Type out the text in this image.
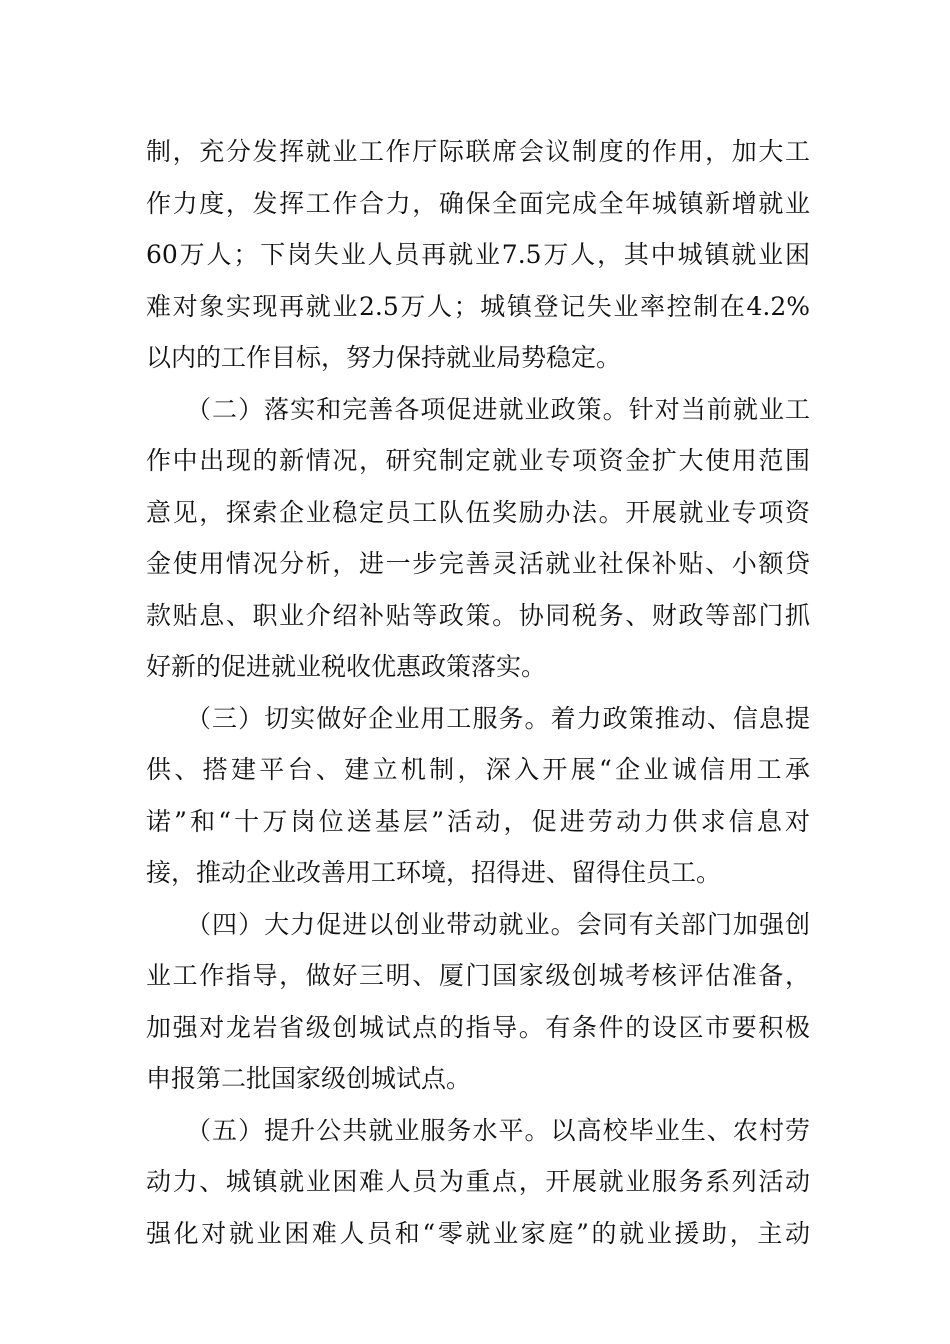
制，充分发挥就业工作厅际联席会议制度的作用，加大工
作力度，发挥工作合力，确保全面完成全年城镇新增就业
60万人；下岗失业人员再就业7.5万人，其中城镇就业困
难对象实现再就业2.5万人；城镇登记失业率控制在4.2%
以内的工作目标，努力保持就业局势稳定。
（二）落实和完善各项促进就业政策。针对当前就业工
作中出现的新情况，研究制定就业专项资金扩大使用范围
意见，探索企业稳定员工队伍奖励办法。开展就业专项资
金使用情况分析，进一步完善灵活就业社保补贴、小额贷
款贴息、职业介绍补贴等政策。协同税务、财政等部门抓
好新的促进就业税收优惠政策落实。
（三）切实做好企业用工服务。着力政策推动、信息提
供、搭建平台、建立机制，深入开展“企业诚信用工承
诺”和“十万岗位送基层”活动，促进劳动力供求信息对
接，推动企业改善用工环境，招得进、留得住员工。
（四）大力促进以创业带动就业。会同有关部门加强创
业工作指导，做好三明、厦门国家级创城考核评估准备，
加强对龙岩省级创城试点的指导。有条件的设区市要积极
申报第二批国家级创城试点。
（五）提升公共就业服务水平。以高校毕业生、农村劳
动力、城镇就业困难人员为重点，开展就业服务系列活动
强化对就业困难人员和“零就业家庭”的就业援助，主动
